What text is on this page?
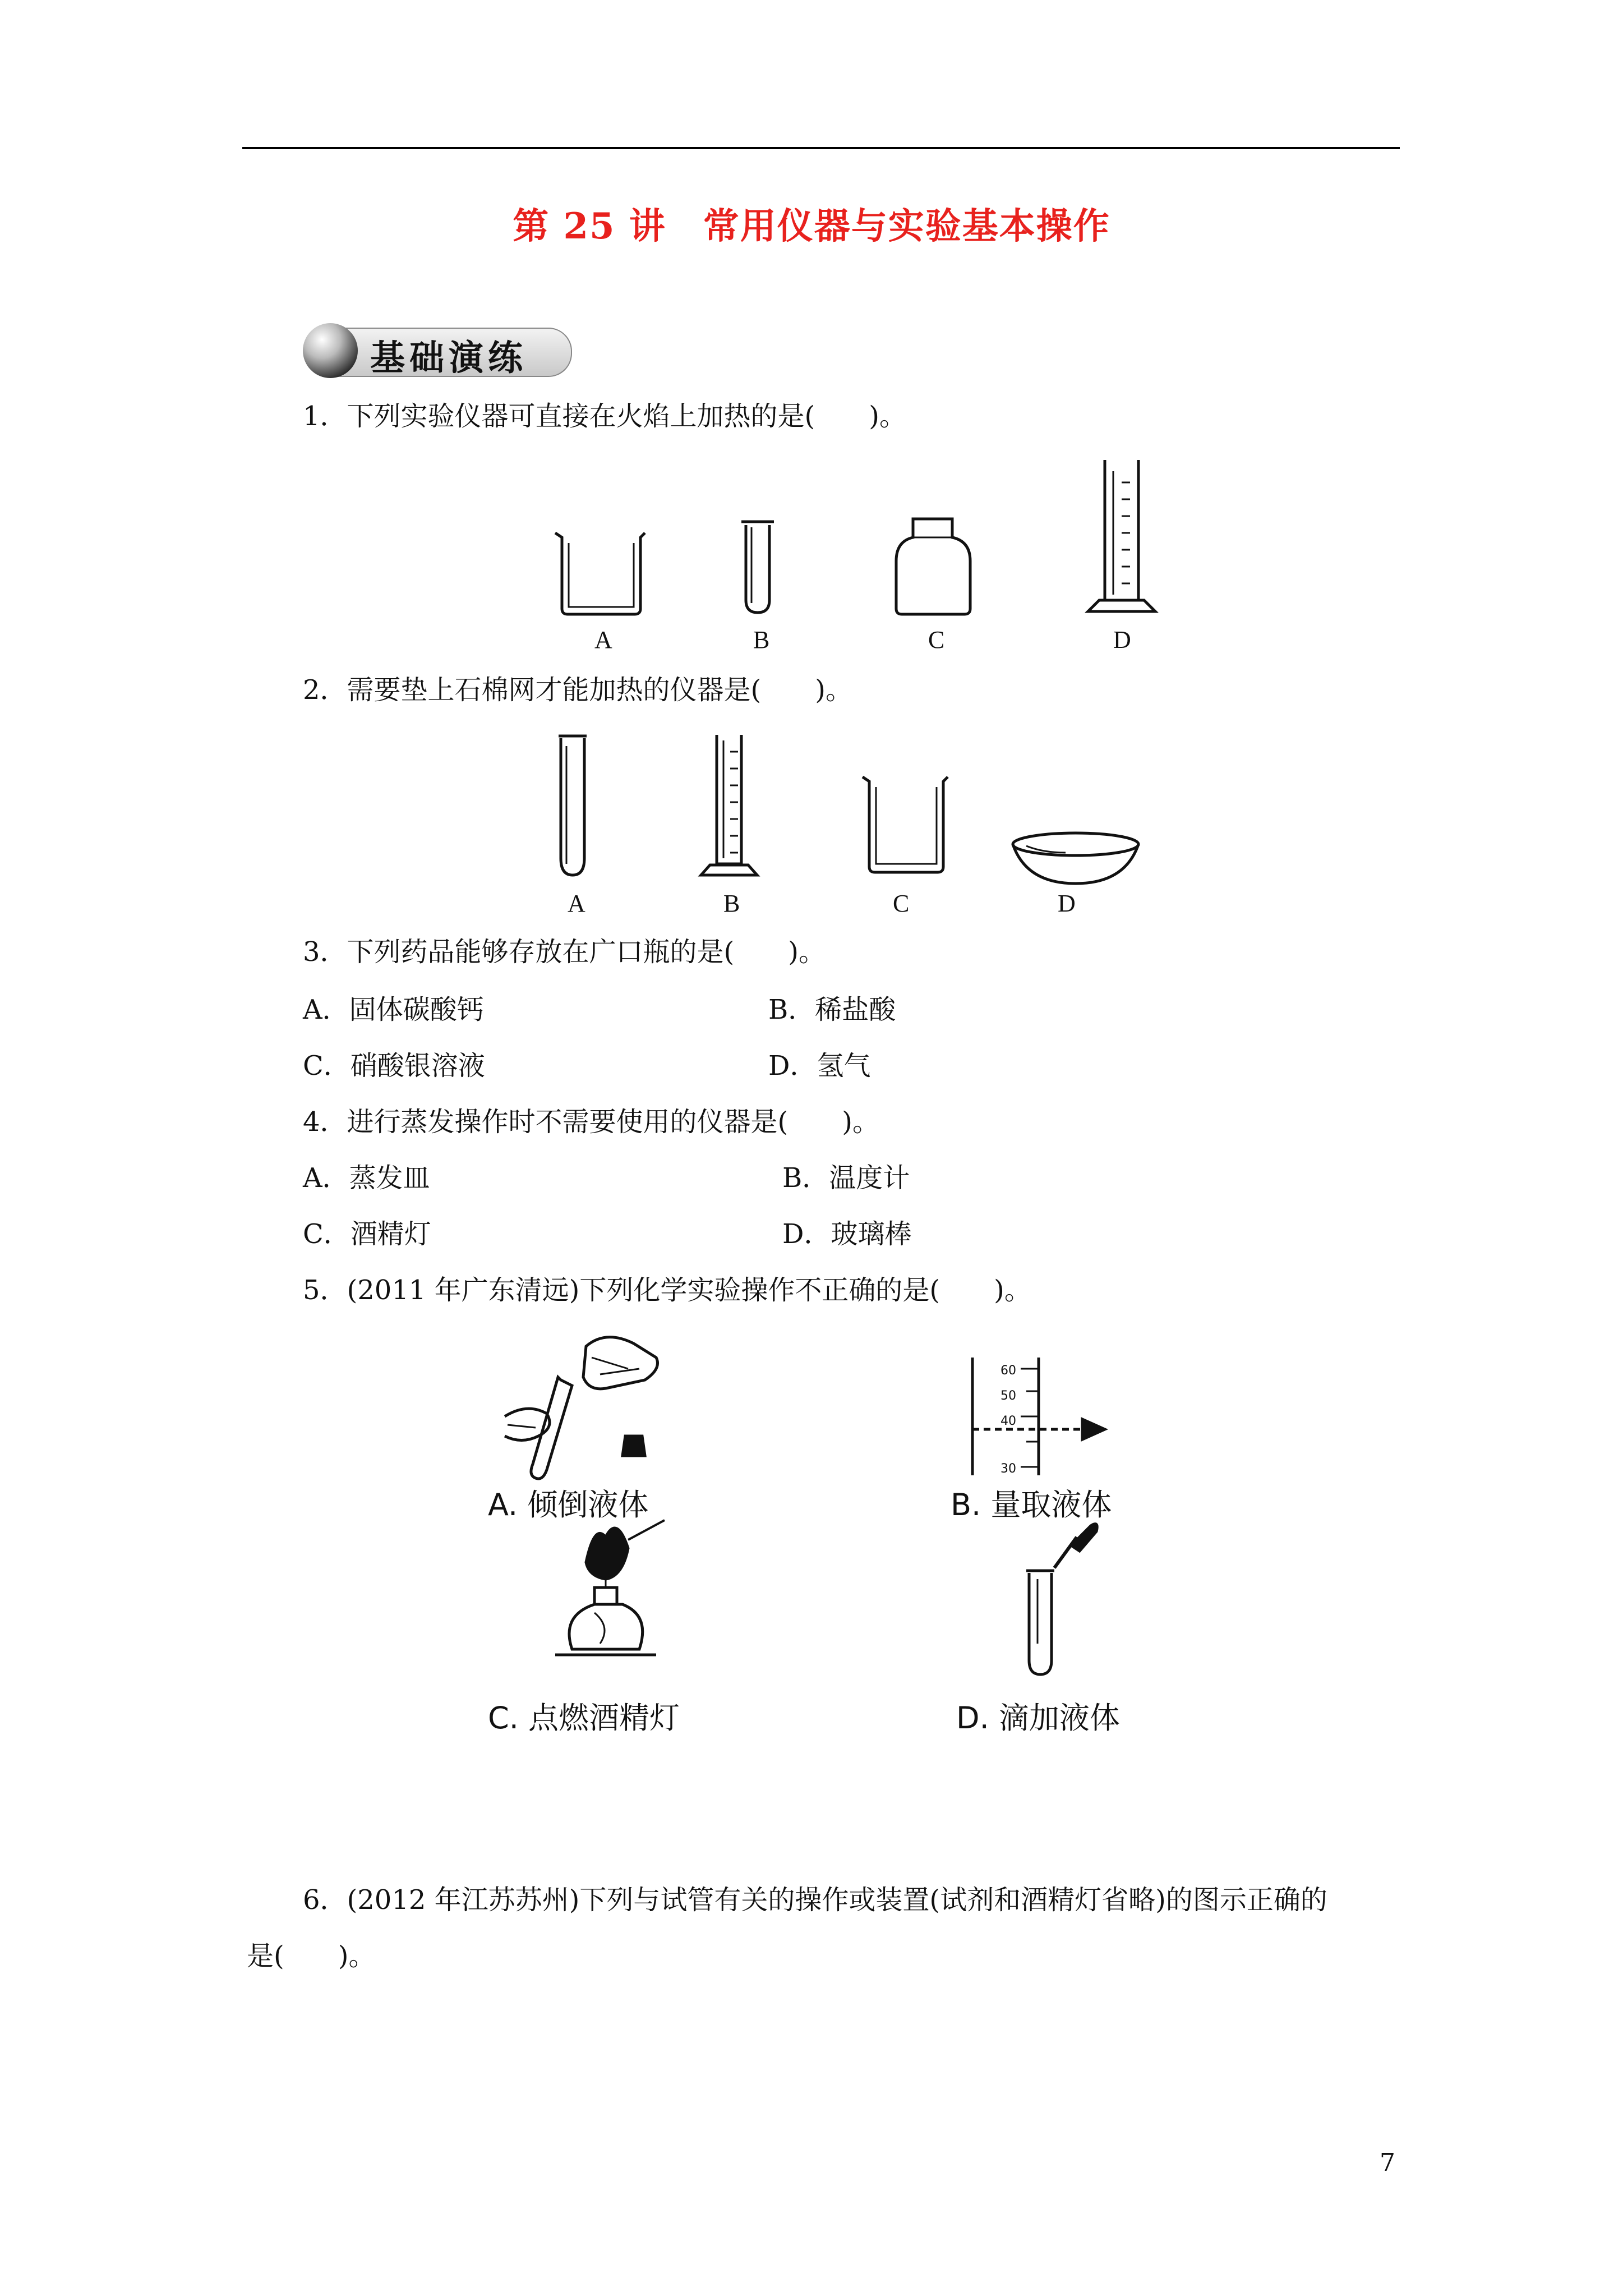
第 25 讲　常用仪器与实验基本操作
基础演练
1．下列实验仪器可直接在火焰上加热的是(　　)。
A	B	C	D
2．需要垫上石棉网才能加热的仪器是(　　)。
A	B	C	D
3．下列药品能够存放在广口瓶的是(　　)。
A．固体碳酸钙	B．稀盐酸
C．硝酸银溶液	D．氢气
4．进行蒸发操作时不需要使用的仪器是(　　)。
A．蒸发皿	B．温度计
C．酒精灯	D．玻璃棒
5．(2011 年广东清远)下列化学实验操作不正确的是(　　)。
60
50
40
30
A. 倾倒液体	B. 量取液体
C. 点燃酒精灯	D. 滴加液体
6．(2012 年江苏苏州)下列与试管有关的操作或装置(试剂和酒精灯省略)的图示正确的
是(　　)。
7
